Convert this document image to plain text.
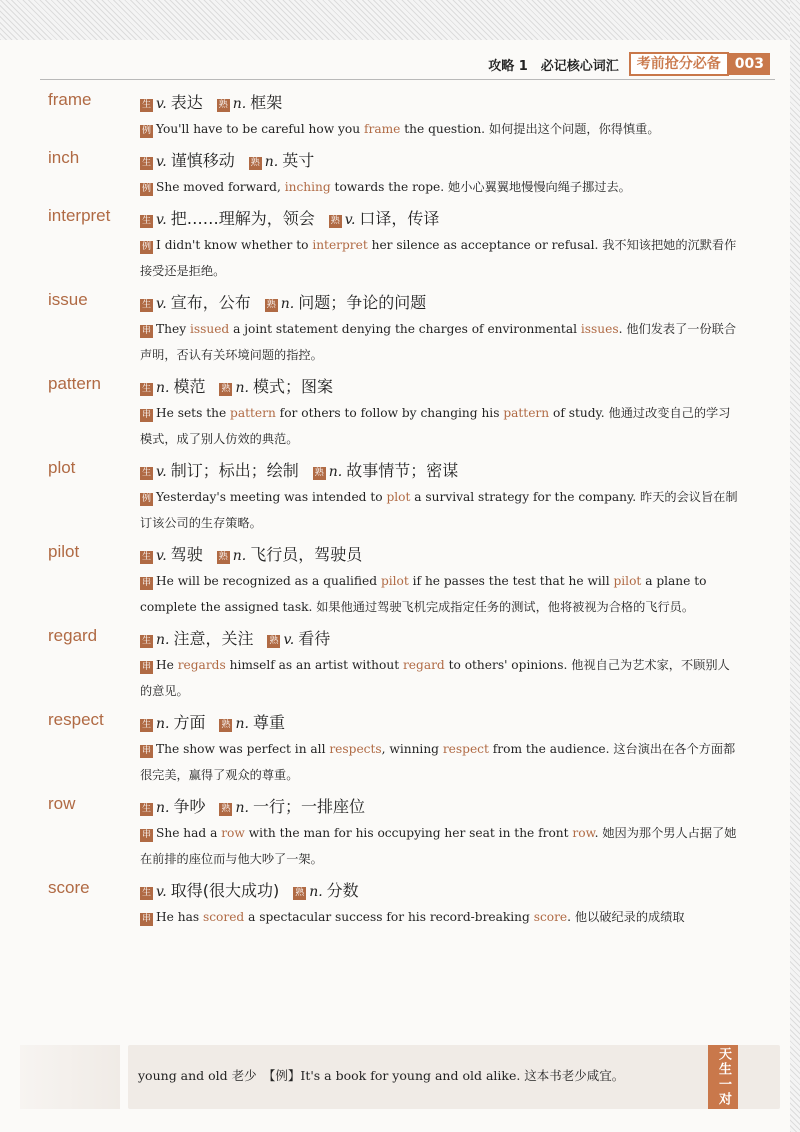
攻略 1　必记核心词汇	考前抢分必备	003
frame	生 v. 表达 熟 n. 框架
例 You'll have to be careful how you frame the question. 如何提出这个问题，你得慎重。
inch	生 v. 谨慎移动 熟 n. 英寸
例 She moved forward, inching towards the rope. 她小心翼翼地慢慢向绳子挪过去。
interpret	生 v. 把……理解为，领会 熟 v. 口译，传译
例 I didn't know whether to interpret her silence as acceptance or refusal. 我不知该把她的沉默看作接受还是拒绝。
issue	生 v. 宣布，公布 熟 n. 问题；争论的问题
串 They issued a joint statement denying the charges of environmental issues. 他们发表了一份联合声明，否认有关环境问题的指控。
pattern	生 n. 模范 熟 n. 模式；图案
串 He sets the pattern for others to follow by changing his pattern of study. 他通过改变自己的学习模式，成了别人仿效的典范。
plot	生 v. 制订；标出；绘制 熟 n. 故事情节；密谋
例 Yesterday's meeting was intended to plot a survival strategy for the company. 昨天的会议旨在制订该公司的生存策略。
pilot	生 v. 驾驶 熟 n. 飞行员，驾驶员
串 He will be recognized as a qualified pilot if he passes the test that he will pilot a plane to complete the assigned task. 如果他通过驾驶飞机完成指定任务的测试，他将被视为合格的飞行员。
regard	生 n. 注意，关注 熟 v. 看待
串 He regards himself as an artist without regard to others' opinions. 他视自己为艺术家，不顾别人的意见。
respect	生 n. 方面 熟 n. 尊重
串 The show was perfect in all respects, winning respect from the audience. 这台演出在各个方面都很完美，赢得了观众的尊重。
row	生 n. 争吵 熟 n. 一行；一排座位
串 She had a row with the man for his occupying her seat in the front row. 她因为那个男人占据了她在前排的座位而与他大吵了一架。
score	生 v. 取得(很大成功) 熟 n. 分数
串 He has scored a spectacular success for his record-breaking score. 他以破纪录的成绩取
young and old 老少　【例】It's a book for young and old alike. 这本书老少咸宜。	天生一对
